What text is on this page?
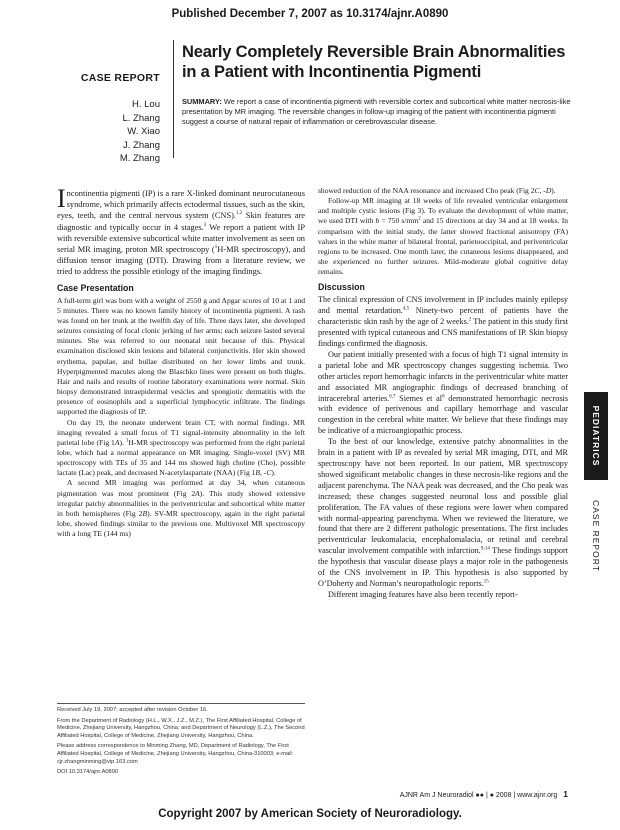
Published December 7, 2007 as 10.3174/ajnr.A0890
CASE REPORT
H. Lou
L. Zhang
W. Xiao
J. Zhang
M. Zhang
Nearly Completely Reversible Brain Abnormalities
in a Patient with Incontinentia Pigmenti
SUMMARY: We report a case of incontinentia pigmenti with reversible cortex and subcortical white matter necrosis-like presentation by MR imaging. The reversible changes in follow-up imaging of the patient with incontinentia pigmenti suggest a course of natural repair of inflammation or cerebrovascular disease.

Incontinentia pigmenti (IP) is a rare X-linked dominant neurocutaneous syndrome, which primarily affects ectodermal tissues, such as the skin, eyes, teeth, and the central nervous system (CNS).$^{1,2}$ Skin features are diagnostic and typically occur in 4 stages.$^3$ We report a patient with IP with reversible extensive subcortical white matter involvement as seen on serial MR imaging, proton MR spectroscopy ($^1$H-MR spectroscopy), and diffusion tensor imaging (DTI). Drawing from a literature review, we tried to address the possible etiology of the imaging findings.

Case Presentation

A full-term girl was born with a weight of 2550 g and Apgar scores of 10 at 1 and 5 minutes. There was no known family history of incontinentia pigmenti. A rash was found on her trunk at the twelfth day of life. Three days later, she developed seizures consisting of focal clonic jerking of her arms; each seizure lasted several minutes. She was referred to our neonatal unit because of this. Physical examination disclosed skin lesions and bilateral conjunctivitis. Her skin showed erythema, papulae, and bullae distributed on her lower limbs and trunk. Hyperpigmented macules along the Blaschko lines were present on both thighs. Hair and nails and results of routine laboratory examinations were normal. Skin biopsy demonstrated intraepidermal vesicles and spongiotic dermatitis with the presence of eosinophils and a superficial lymphocytic infiltrate. The findings supported the diagnosis of IP.

On day 19, the neonate underwent brain CT, with normal findings. MR imaging revealed a small focus of T1 signal-intensity abnormality in the left parietal lobe (Fig 1A). $^1$H-MR spectroscopy was performed from the right parietal lobe, which had a normal appearance on MR imaging. Single-voxel (SV) MR spectroscopy with TEs of 35 and 144 ms showed high choline (Cho), possible lactate (Lac) peak, and decreased N-acetylaspartate (NAA) (Fig 1B, -C).

A second MR imaging was performed at day 34, when cutaneous pigmentation was most prominent (Fig 2A). This study showed extensive irregular patchy abnormalities in the periventricular and subcortical white matter in both hemispheres (Fig 2B). SV-MR spectroscopy, again in the right parietal lobe, showed findings similar to the previous one. Multivoxel MR spectroscopy with a long TE (144 ms)

Received July 19, 2007; accepted after revision October 16.
From the Department of Radiology (H.L., W.X., J.Z., M.Z.), The First Affiliated Hospital, College of Medicine, Zhejiang University, Hangzhou, China; and Department of Neurology (L.Z.), The Second Affiliated Hospital, College of Medicine, Zhejiang University, Hangzhou, China.
Please address correspondence to Minming Zhang, MD, Department of Radiology, The First Affiliated Hospital, College of Medicine, Zhejiang University, Hangzhou, China-310003; e-mail: cjr.zhangminming@vip.163.com
DOI 10.3174/ajnr.A0890

showed reduction of the NAA resonance and increased Cho peak (Fig 2C, -D).

Follow-up MR imaging at 18 weeks of life revealed ventricular enlargement and multiple cystic lesions (Fig 3). To evaluate the development of white matter, we used DTI with b = 750 $s/mm^2$ and 15 directions at day 34 and at 18 weeks. In comparison with the initial study, the latter showed fractional anisotropy (FA) values in the white matter of bilateral frontal, parietooccipital, and periventricular regions to be increased. One month later, the cutaneous lesions disappeared, and she experienced no further seizures. Mild-moderate global cognitive delay remains.

Discussion

The clinical expression of CNS involvement in IP includes mainly epilepsy and mental retardation.$^{4,5}$ Ninety-two percent of patients have the characteristic skin rash by the age of 2 weeks.$^2$ The patient in this study first presented with typical cutaneous and CNS manifestations of IP. Skin biopsy findings confirmed the diagnosis.

Our patient initially presented with a focus of high T1 signal intensity in a parietal lobe and MR spectroscopy changes suggesting ischemia. Two other articles report hemorrhagic infarcts in the periventricular white matter and associated MR angiographic findings of decreased branching of intracerebral arteries.$^{6,7}$ Siemes et $al^8$ demonstrated hemorrhagic necrosis with evidence of perivenous and capillary hemorrhage and vascular congestion in the cerebral white matter. We believe that these findings may be indicative of a microangiopathic process.

To the best of our knowledge, extensive patchy abnormalities in the brain in a patient with IP as revealed by serial MR imaging, DTI, and MR spectroscopy have not been reported. In our patient, MR spectroscopy showed significant metabolic changes in these necrosis-like regions and the adjacent parenchyma. The NAA peak was decreased, and the Cho peak was increased; these changes suggested neuronal loss and possible glial proliferation. The FA values of these regions were lower when compared with normal-appearing parenchyma. When we reviewed the literature, we found that there are 2 different pathologic presentations. The first includes periventricular leukomalacia, encephalomalacia, or retinal and cerebral vascular involvement compatible with infarction.$^{9-14}$ These findings support the hypothesis that vascular disease plays a major role in the pathogenesis of the CNS involvement in IP. This hypothesis is also supported by O’Doherty and Norman’s neuropathologic reports.$^{15}$

Different imaging features have also been recently report-

PEDIATRICS
CASE REPORT
AJNR Am J Neuroradiol ●● | ● 2008 | www.ajnr.org 1
Copyright 2007 by American Society of Neuroradiology.
